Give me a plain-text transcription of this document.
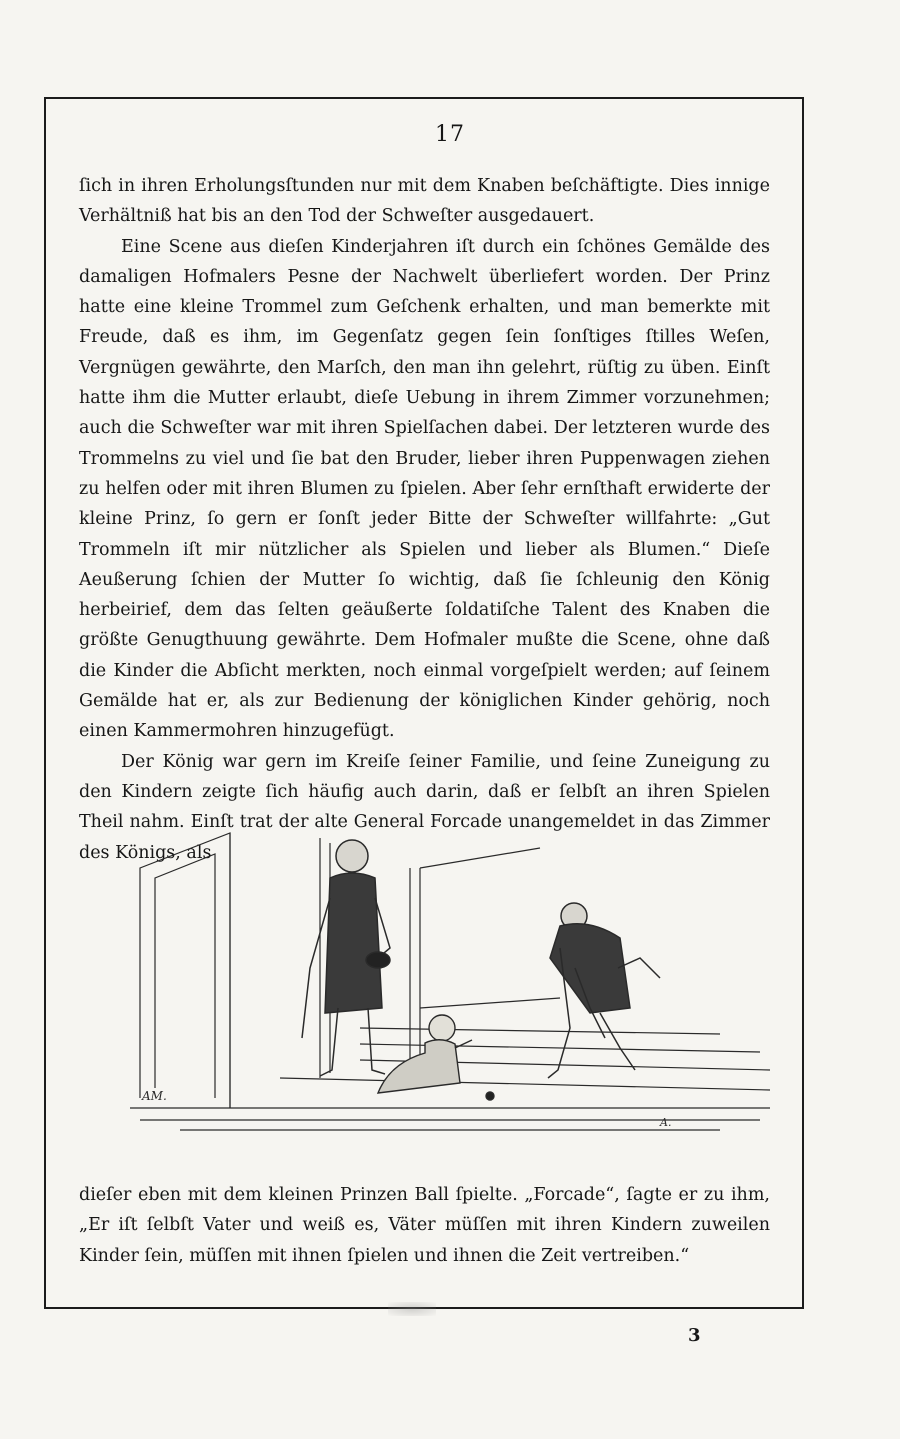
17

ſich in ihren Erholungsſtunden nur mit dem Knaben beſchäftigte. Dies innige Verhältniß hat bis an den Tod der Schweſter ausgedauert.

Eine Scene aus dieſen Kinderjahren iſt durch ein ſchönes Gemälde des damaligen Hofmalers Pesne der Nachwelt überliefert worden. Der Prinz hatte eine kleine Trommel zum Geſchenk erhalten, und man bemerkte mit Freude, daß es ihm, im Gegenſatz gegen ſein ſonſtiges ſtilles Weſen, Vergnügen gewährte, den Marſch, den man ihn gelehrt, rüſtig zu üben. Einſt hatte ihm die Mutter erlaubt, dieſe Uebung in ihrem Zimmer vorzunehmen; auch die Schweſter war mit ihren Spielſachen dabei. Der letzteren wurde des Trommelns zu viel und ſie bat den Bruder, lieber ihren Puppenwagen ziehen zu helfen oder mit ihren Blumen zu ſpielen. Aber ſehr ernſthaft erwiderte der kleine Prinz, ſo gern er ſonſt jeder Bitte der Schweſter willfahrte: „Gut Trommeln iſt mir nützlicher als Spielen und lieber als Blumen.“ Dieſe Aeußerung ſchien der Mutter ſo wichtig, daß ſie ſchleunig den König herbeirief, dem das ſelten geäußerte ſoldatiſche Talent des Knaben die größte Genugthuung gewährte. Dem Hofmaler mußte die Scene, ohne daß die Kinder die Abſicht merkten, noch einmal vorgeſpielt werden; auf ſeinem Gemälde hat er, als zur Bedienung der königlichen Kinder gehörig, noch einen Kammermohren hinzugefügt.

Der König war gern im Kreiſe ſeiner Familie, und ſeine Zuneigung zu den Kindern zeigte ſich häufig auch darin, daß er ſelbſt an ihren Spielen Theil nahm. Einſt trat der alte General Forcade unangemeldet in das Zimmer des Königs, als

AM.
A.

dieſer eben mit dem kleinen Prinzen Ball ſpielte. „Forcade“, ſagte er zu ihm, „Er iſt ſelbſt Vater und weiß es, Väter müſſen mit ihren Kindern zuweilen Kinder ſein, müſſen mit ihnen ſpielen und ihnen die Zeit vertreiben.“

3
